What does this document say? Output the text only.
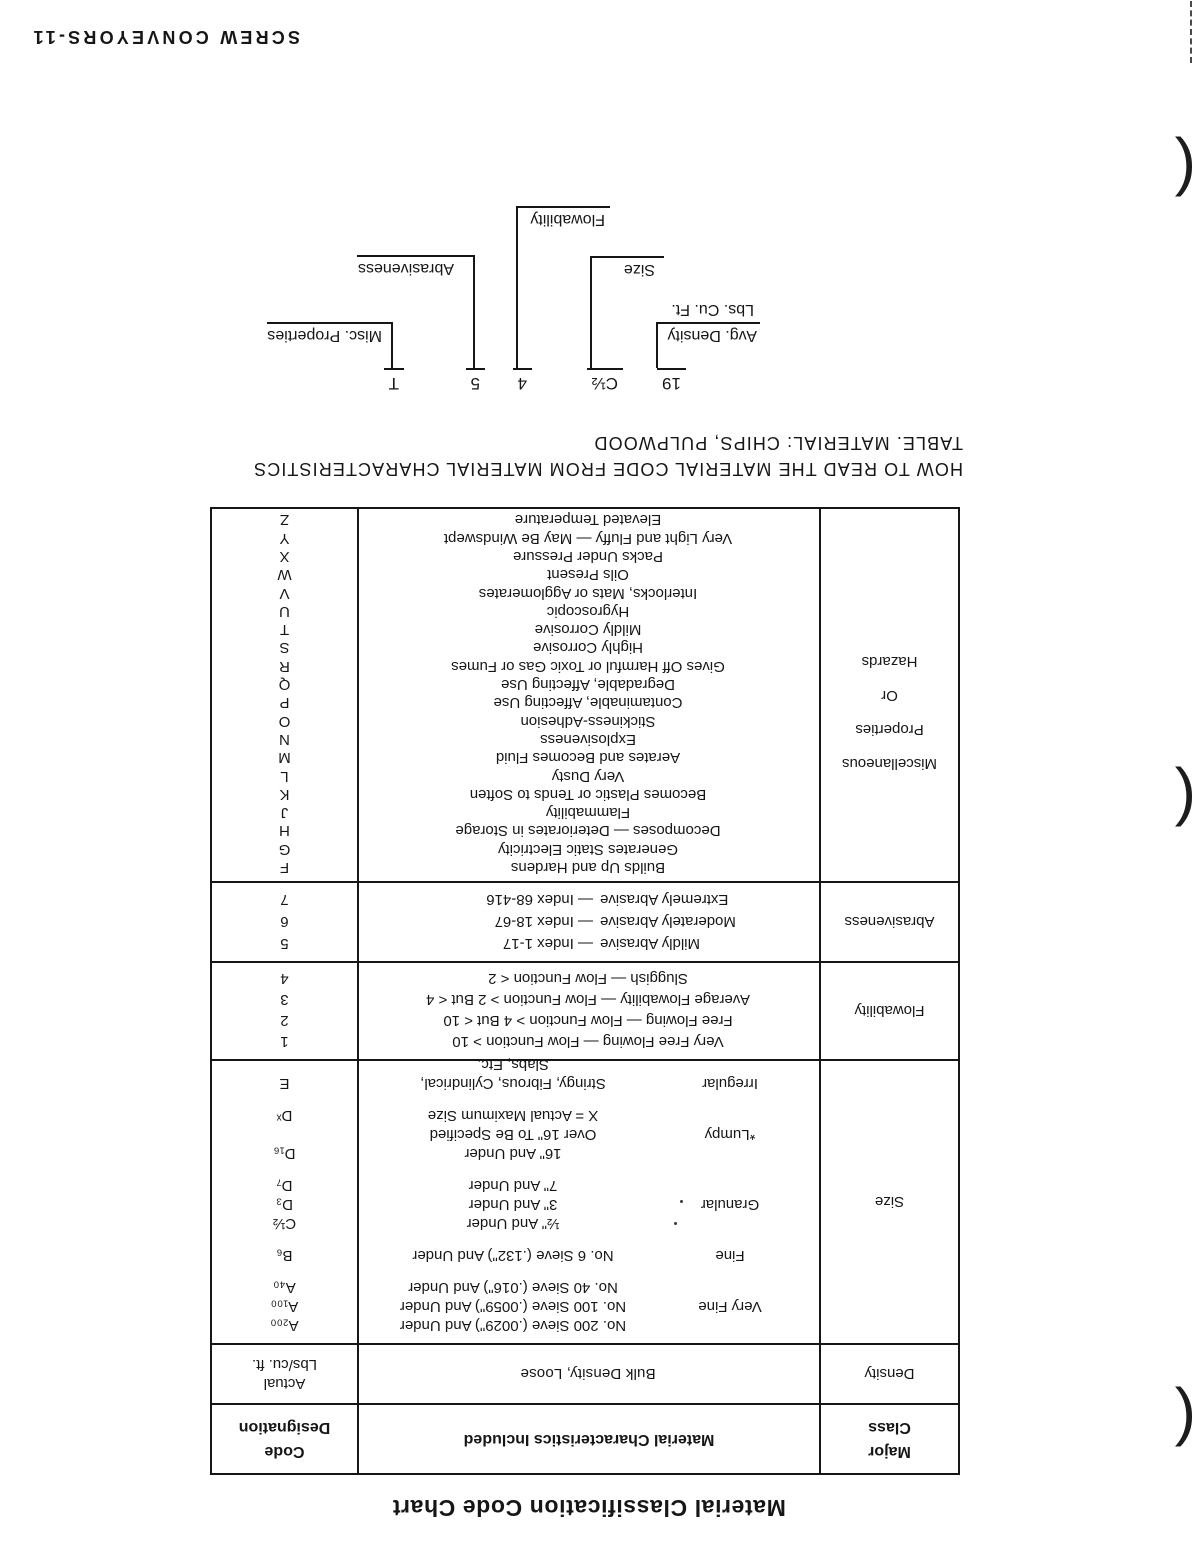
Material Classification Code Chart
Major
Class
Material Characteristics Included
Code
Designation
Density
Bulk Density, Loose
Actual
Lbs/cu. ft.
Size
No. 200 Sieve (.0029") And Under
A₂₀₀
Very Fine
No. 100 Sieve (.0059") And Under
A₁₀₀
No. 40 Sieve (.016") And Under
A₄₀
Fine
No. 6 Sieve (.132") And Under
B₆
½" And Under
C½
Granular
3" And Under
D₃
7" And Under
D₇
16" And Under
D₁₆
*Lumpy
Over 16" To Be Specified
X = Actual Maximum Size
Dˣ
Irregular
Stringy, Fibrous, Cylindrical,
E
Slabs, Etc.
Flowability
Very Free Flowing — Flow Function > 10
1
Free Flowing — Flow Function > 4 But < 10
2
Average Flowability — Flow Function > 2 But < 4
3
Sluggish — Flow Function < 2
4
Abrasiveness
Mildly Abrasive
— Index 1-17
5
Moderately Abrasive
— Index 18-67
6
Extremely Abrasive
— Index 68-416
7
Miscellaneous
Properties
Or
Hazards
Builds Up and Hardens
F
Generates Static Electricity
G
Decomposes — Deteriorates in Storage
H
Flammability
J
Becomes Plastic or Tends to Soften
K
Very Dusty
L
Aerates and Becomes Fluid
M
Explosiveness
N
Stickiness-Adhesion
O
Contaminable, Affecting Use
P
Degradable, Affecting Use
Q
Gives Off Harmful or Toxic Gas or Fumes
R
Highly Corrosive
S
Mildly Corrosive
T
Hygroscopic
U
Interlocks, Mats or Agglomerates
V
Oils Present
W
Packs Under Pressure
X
Very Light and Fluffy — May Be Windswept
Y
Elevated Temperature
Z
HOW TO READ THE MATERIAL CODE FROM MATERIAL CHARACTERISTICS
TABLE. MATERIAL: CHIPS, PULPWOOD
19
C½
4
5
T
Avg. Density
Lbs. Cu. Ft.
Size
Flowability
Abrasiveness
Misc. Properties
SCREW CONVEYORS-11
(
(
(
